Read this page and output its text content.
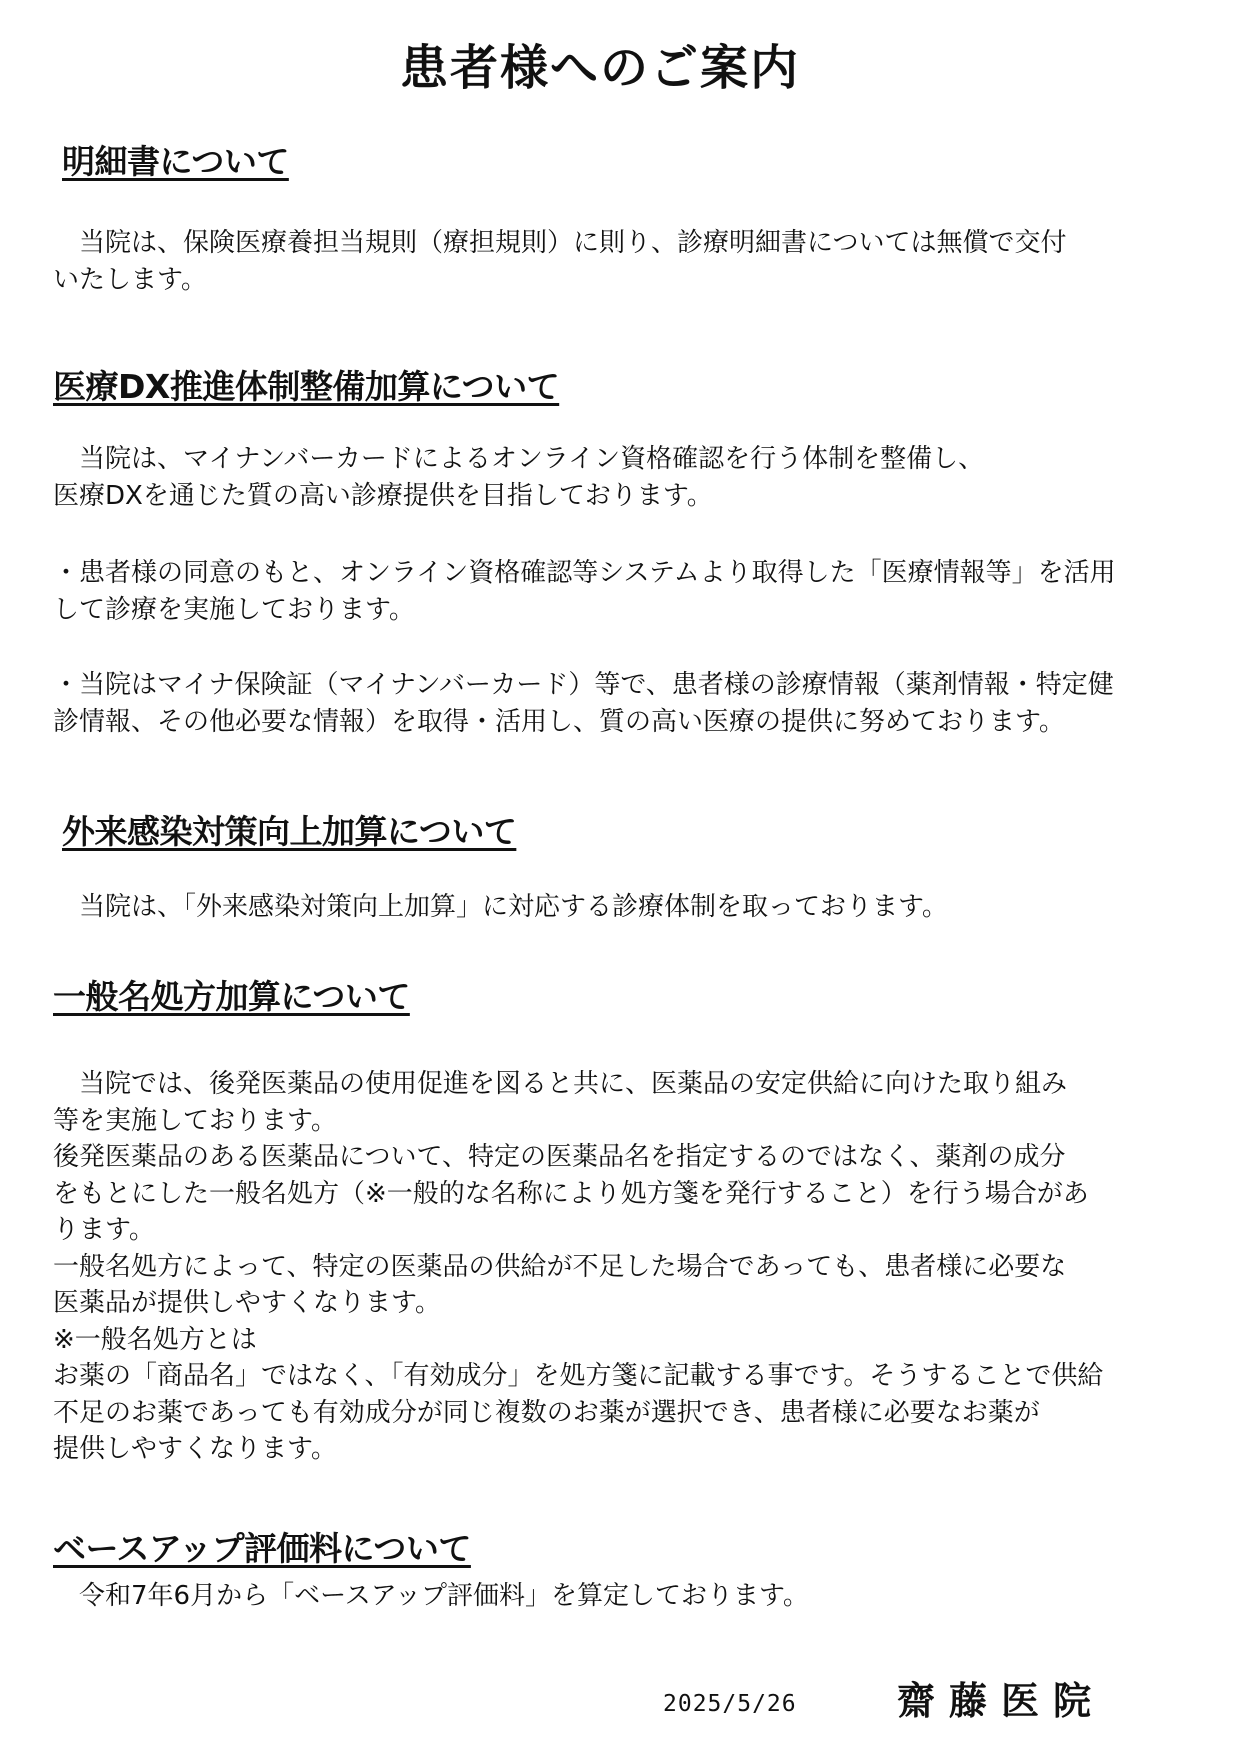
患者様へのご案内
明細書について

当院は、保険医療養担当規則（療担規則）に則り、診療明細書については無償で交付
いたします。

医療DX推進体制整備加算について

当院は、マイナンバーカードによるオンライン資格確認を行う体制を整備し、
医療DXを通じた質の高い診療提供を目指しております。

・患者様の同意のもと、オンライン資格確認等システムより取得した「医療情報等」を活用
して診療を実施しております。

・当院はマイナ保険証（マイナンバーカード）等で、患者様の診療情報（薬剤情報・特定健
診情報、その他必要な情報）を取得・活用し、質の高い医療の提供に努めております。

外来感染対策向上加算について

当院は、「外来感染対策向上加算」に対応する診療体制を取っております。

一般名処方加算について

当院では、後発医薬品の使用促進を図ると共に、医薬品の安定供給に向けた取り組み
等を実施しております。
後発医薬品のある医薬品について、特定の医薬品名を指定するのではなく、薬剤の成分
をもとにした一般名処方（※一般的な名称により処方箋を発行すること）を行う場合があ
ります。
一般名処方によって、特定の医薬品の供給が不足した場合であっても、患者様に必要な
医薬品が提供しやすくなります。
※一般名処方とは
お薬の「商品名」ではなく、「有効成分」を処方箋に記載する事です。そうすることで供給
不足のお薬であっても有効成分が同じ複数のお薬が選択でき、患者様に必要なお薬が
提供しやすくなります。

ベースアップ評価料について

令和7年6月から「ベースアップ評価料」を算定しております。

2025/5/26	齋藤医院
